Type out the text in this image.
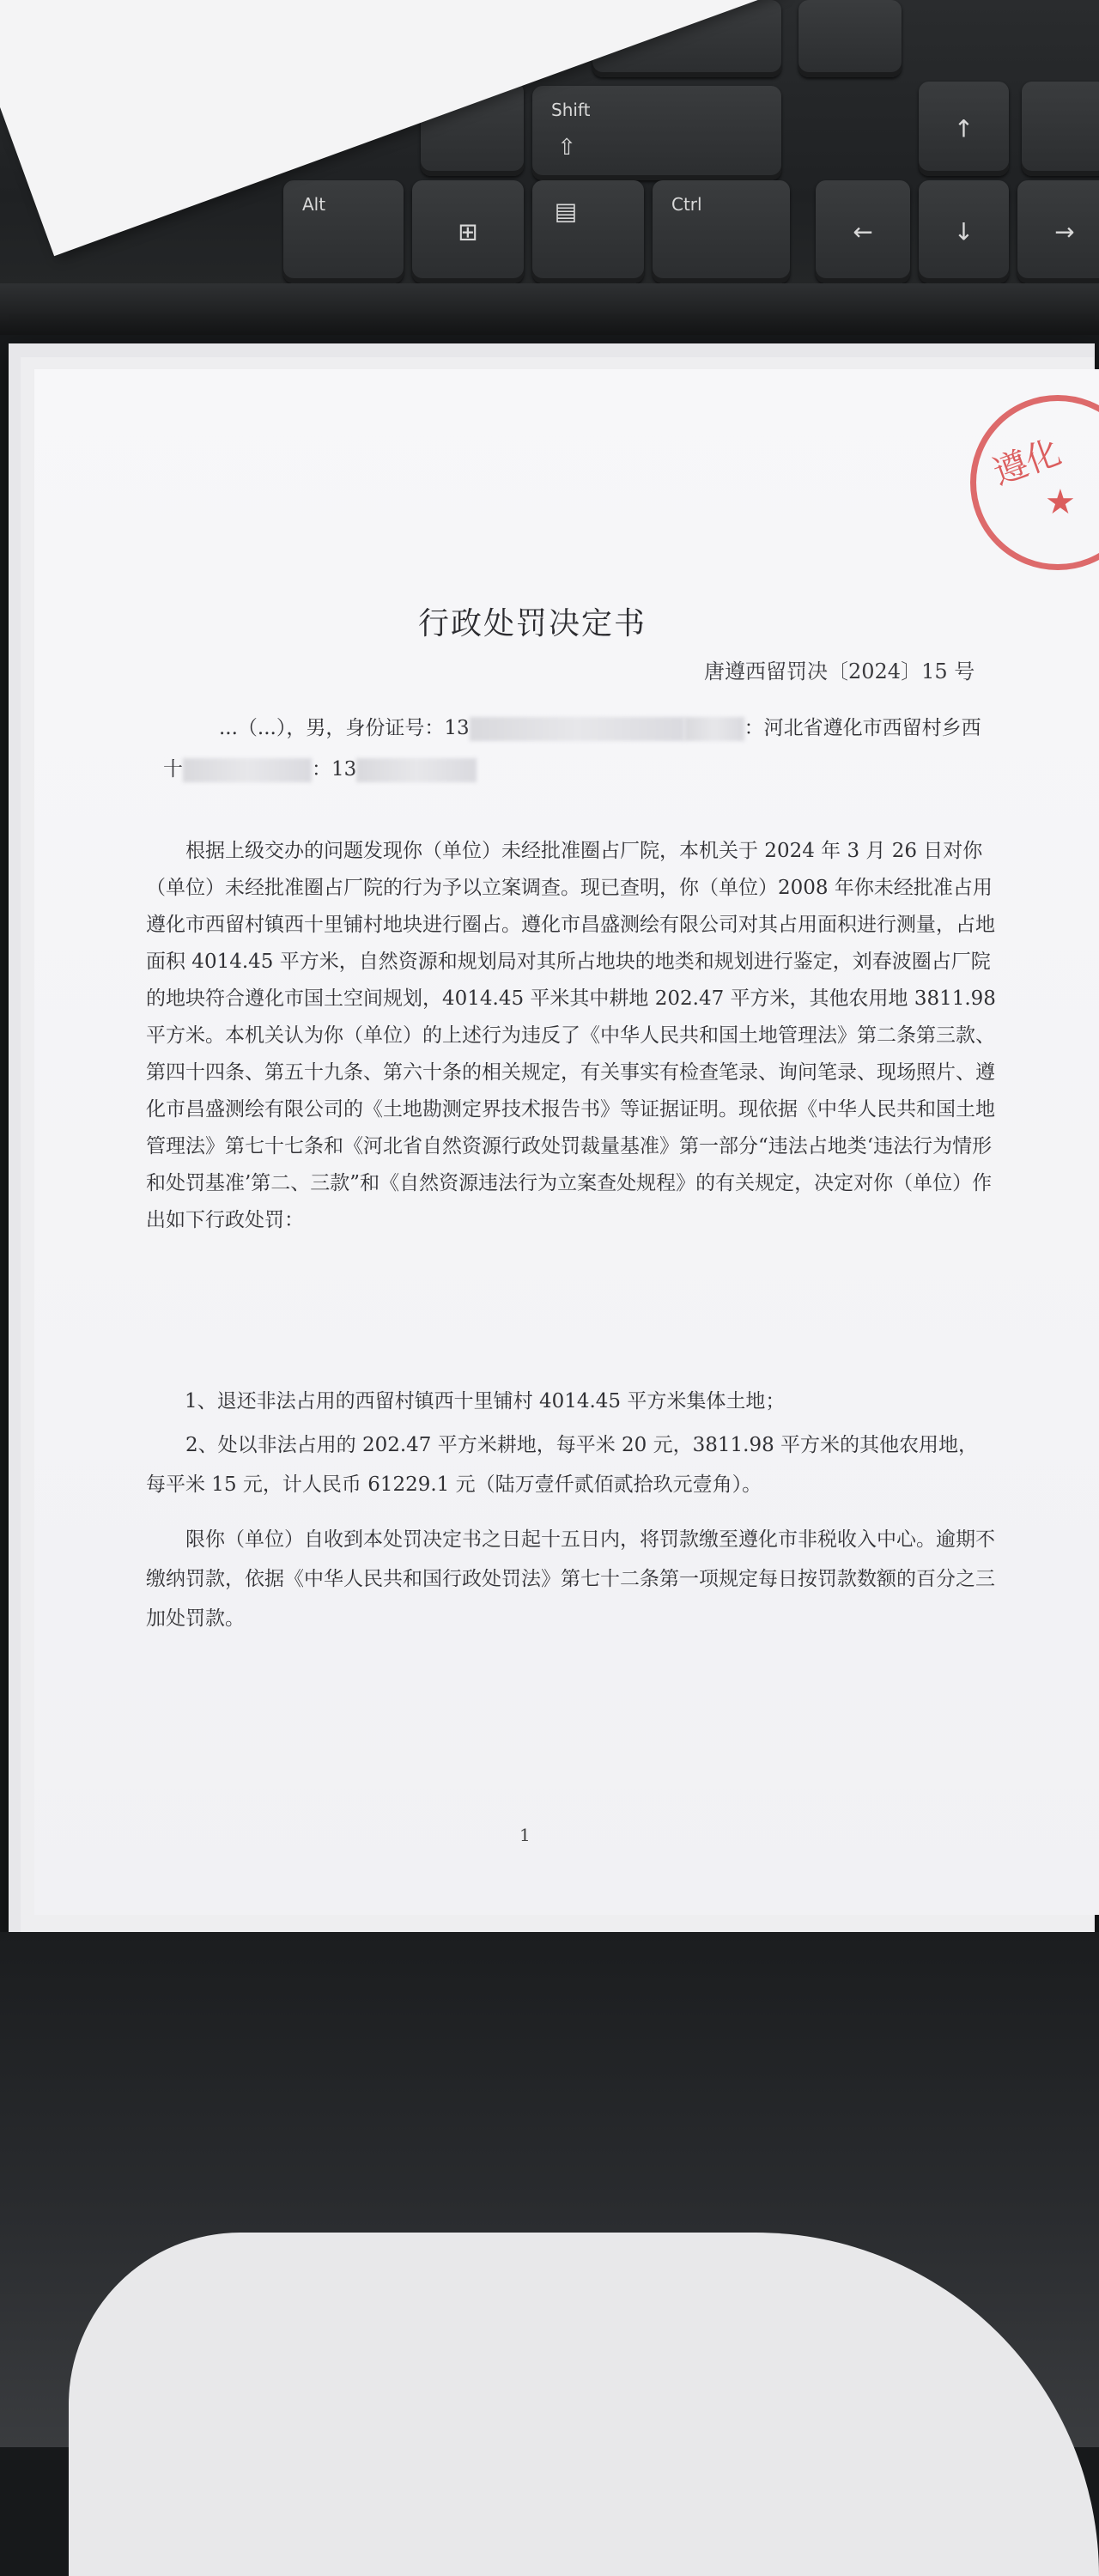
Shift
⇧
Alt
⊞
▤	Ctrl
↑
←	↓	→
行政处罚决定书
唐遵西留罚决〔2024〕15 号
...（...），男，身份证号：13	：河北省遵化市西留村乡西
十	：13
根据上级交办的问题发现你（单位）未经批准圈占厂院，本机关于 2024 年 3 月 26 日对你（单位）未经批准圈占厂院的行为予以立案调查。现已查明，你（单位）2008 年你未经批准占用遵化市西留村镇西十里铺村地块进行圈占。遵化市昌盛测绘有限公司对其占用面积进行测量，占地面积 4014.45 平方米，自然资源和规划局对其所占地块的地类和规划进行鉴定，刘春波圈占厂院的地块符合遵化市国土空间规划，4014.45 平米其中耕地 202.47 平方米，其他农用地 3811.98 平方米。本机关认为你（单位）的上述行为违反了《中华人民共和国土地管理法》第二条第三款、第四十四条、第五十九条、第六十条的相关规定，有关事实有检查笔录、询问笔录、现场照片、遵化市昌盛测绘有限公司的《土地勘测定界技术报告书》等证据证明。现依据《中华人民共和国土地管理法》第七十七条和《河北省自然资源行政处罚裁量基准》第一部分“违法占地类‘违法行为情形和处罚基准’第二、三款”和《自然资源违法行为立案查处规程》的有关规定，决定对你（单位）作出如下行政处罚：
1、退还非法占用的西留村镇西十里铺村 4014.45 平方米集体土地；
2、处以非法占用的 202.47 平方米耕地，每平米 20 元，3811.98 平方米的其他农用地，每平米 15 元，计人民币 61229.1 元（陆万壹仟贰佰贰拾玖元壹角）。
限你（单位）自收到本处罚决定书之日起十五日内，将罚款缴至遵化市非税收入中心。逾期不缴纳罚款，依据《中华人民共和国行政处罚法》第七十二条第一项规定每日按罚款数额的百分之三加处罚款。
1
遵化
★
